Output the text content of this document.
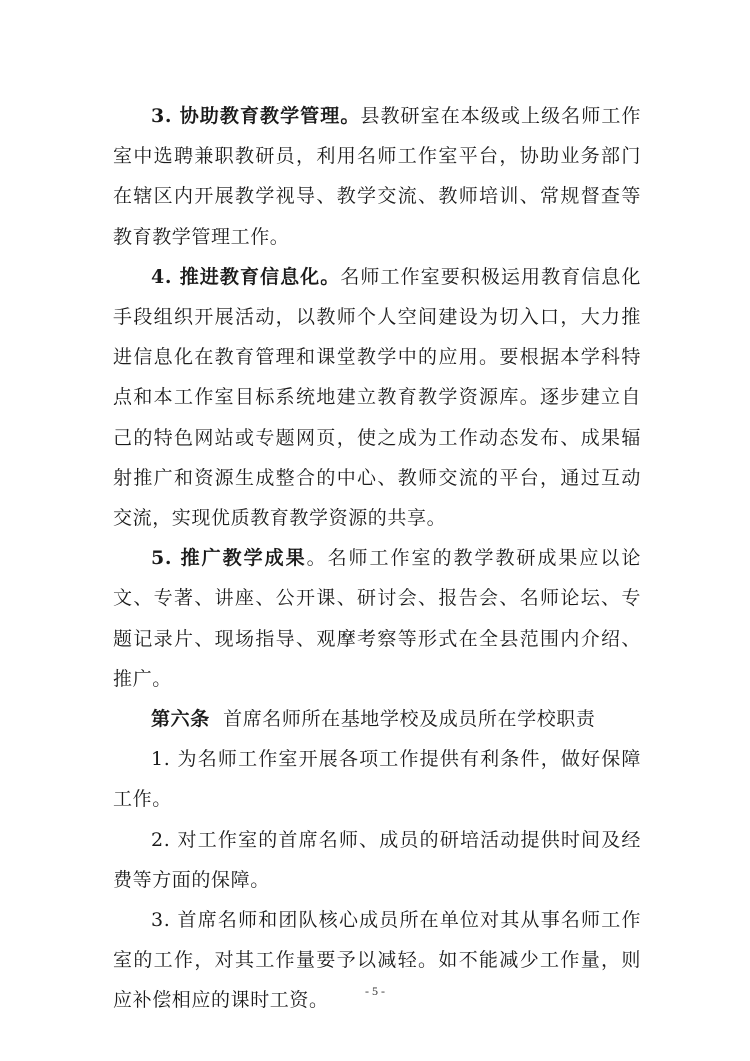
3. 协助教育教学管理。县教研室在本级或上级名师工作室中选聘兼职教研员，利用名师工作室平台，协助业务部门在辖区内开展教学视导、教学交流、教师培训、常规督查等教育教学管理工作。

4. 推进教育信息化。名师工作室要积极运用教育信息化手段组织开展活动，以教师个人空间建设为切入口，大力推进信息化在教育管理和课堂教学中的应用。要根据本学科特点和本工作室目标系统地建立教育教学资源库。逐步建立自己的特色网站或专题网页，使之成为工作动态发布、成果辐射推广和资源生成整合的中心、教师交流的平台，通过互动交流，实现优质教育教学资源的共享。

5. 推广教学成果。名师工作室的教学教研成果应以论文、专著、讲座、公开课、研讨会、报告会、名师论坛、专题记录片、现场指导、观摩考察等形式在全县范围内介绍、推广。

第六条  首席名师所在基地学校及成员所在学校职责

1. 为名师工作室开展各项工作提供有利条件，做好保障工作。

2. 对工作室的首席名师、成员的研培活动提供时间及经费等方面的保障。

3. 首席名师和团队核心成员所在单位对其从事名师工作室的工作，对其工作量要予以减轻。如不能减少工作量，则应补偿相应的课时工资。	- 5 -
